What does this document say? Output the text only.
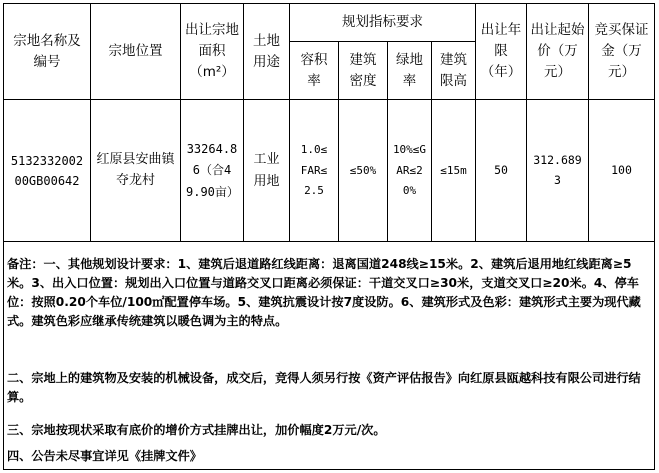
宗地名称及编号
宗地位置
出让宗地面积（m²）
土地用途
规划指标要求
容积率
建筑密度
绿地率
建筑限高
出让年限（年）
出让起始价（万元）
竞买保证金（万元）
513233200200GB00642
红原县安曲镇夺龙村
33264.86（合49.90亩）
工业用地
1.0≤FAR≤2.5
≤50%
10%≤GAR≤20%
≤15m 50
312.6893
100
备注：一、其他规划设计要求：1、建筑后退道路红线距离：退离国道248线≥15米。2、建筑后退用地红线距离≥5米。3、出入口位置：规划出入口位置与道路交叉口距离必须保证：干道交叉口≥30米，支道交叉口≥20米。4、停车位：按照0.20个车位/100㎡配置停车场。5、建筑抗震设计按7度设防。6、建筑形式及色彩：建筑形式主要为现代藏式。建筑色彩应继承传统建筑以暖色调为主的特点。
二、宗地上的建筑物及安装的机械设备，成交后，竞得人须另行按《资产评估报告》向红原县瓯越科技有限公司进行结算。
三、宗地按现状采取有底价的增价方式挂牌出让，加价幅度2万元/次。
四、公告未尽事宜详见《挂牌文件》
